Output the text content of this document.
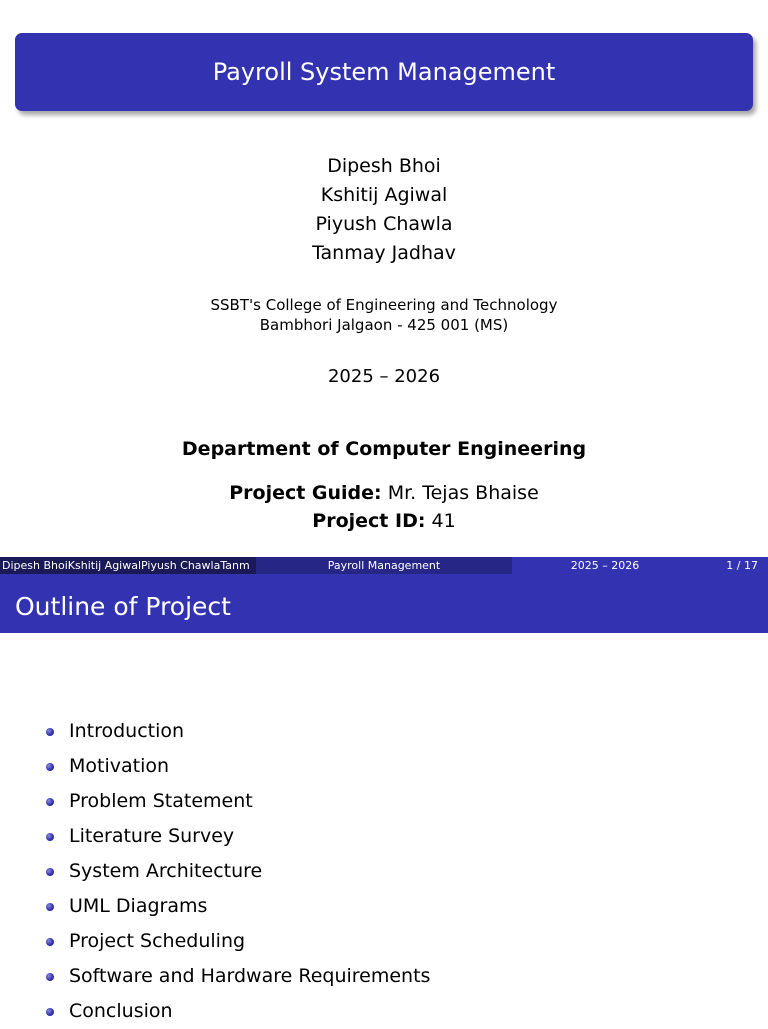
Payroll System Management
Dipesh Bhoi
Kshitij Agiwal
Piyush Chawla
Tanmay Jadhav
SSBT's College of Engineering and Technology
Bambhori Jalgaon - 425 001 (MS)
2025 – 2026
Department of Computer Engineering
Project Guide: Mr. Tejas Bhaise
Project ID: 41
Dipesh BhoiKshitij AgiwalPiyush ChawlaTanm	Payroll Management	2025 – 2026	1 / 17
Outline of Project
Introduction
Motivation
Problem Statement
Literature Survey
System Architecture
UML Diagrams
Project Scheduling
Software and Hardware Requirements
Conclusion
